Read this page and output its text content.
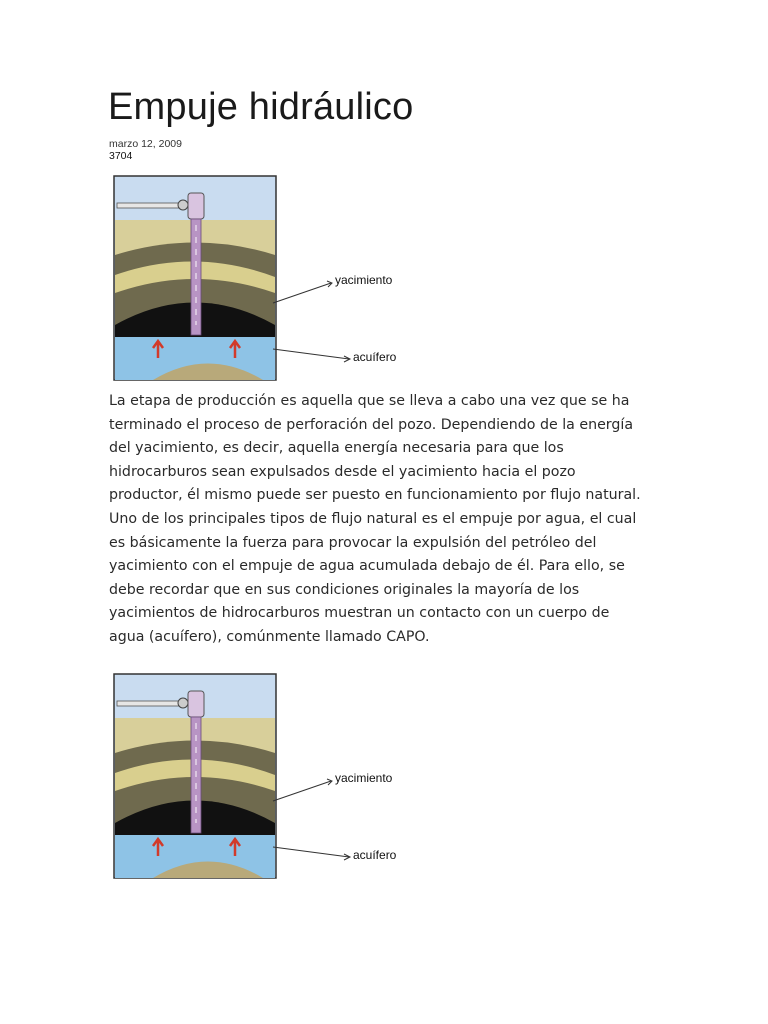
Empuje hidráulico
marzo 12, 2009
3704
yacimiento
acuífero

La etapa de producción es aquella que se lleva a cabo una vez que se ha terminado el proceso de perforación del pozo. Dependiendo de la energía del yacimiento, es decir, aquella energía necesaria para que los hidrocarburos sean expulsados desde el yacimiento hacia el pozo productor, él mismo puede ser puesto en funcionamiento por flujo natural.

Uno de los principales tipos de flujo natural es el empuje por agua, el cual es básicamente la fuerza para provocar la expulsión del petróleo del yacimiento con el empuje de agua acumulada debajo de él. Para ello, se debe recordar que en sus condiciones originales la mayoría de los yacimientos de hidrocarburos muestran un contacto con un cuerpo de agua (acuífero), comúnmente llamado CAPO.

yacimiento
acuífero
